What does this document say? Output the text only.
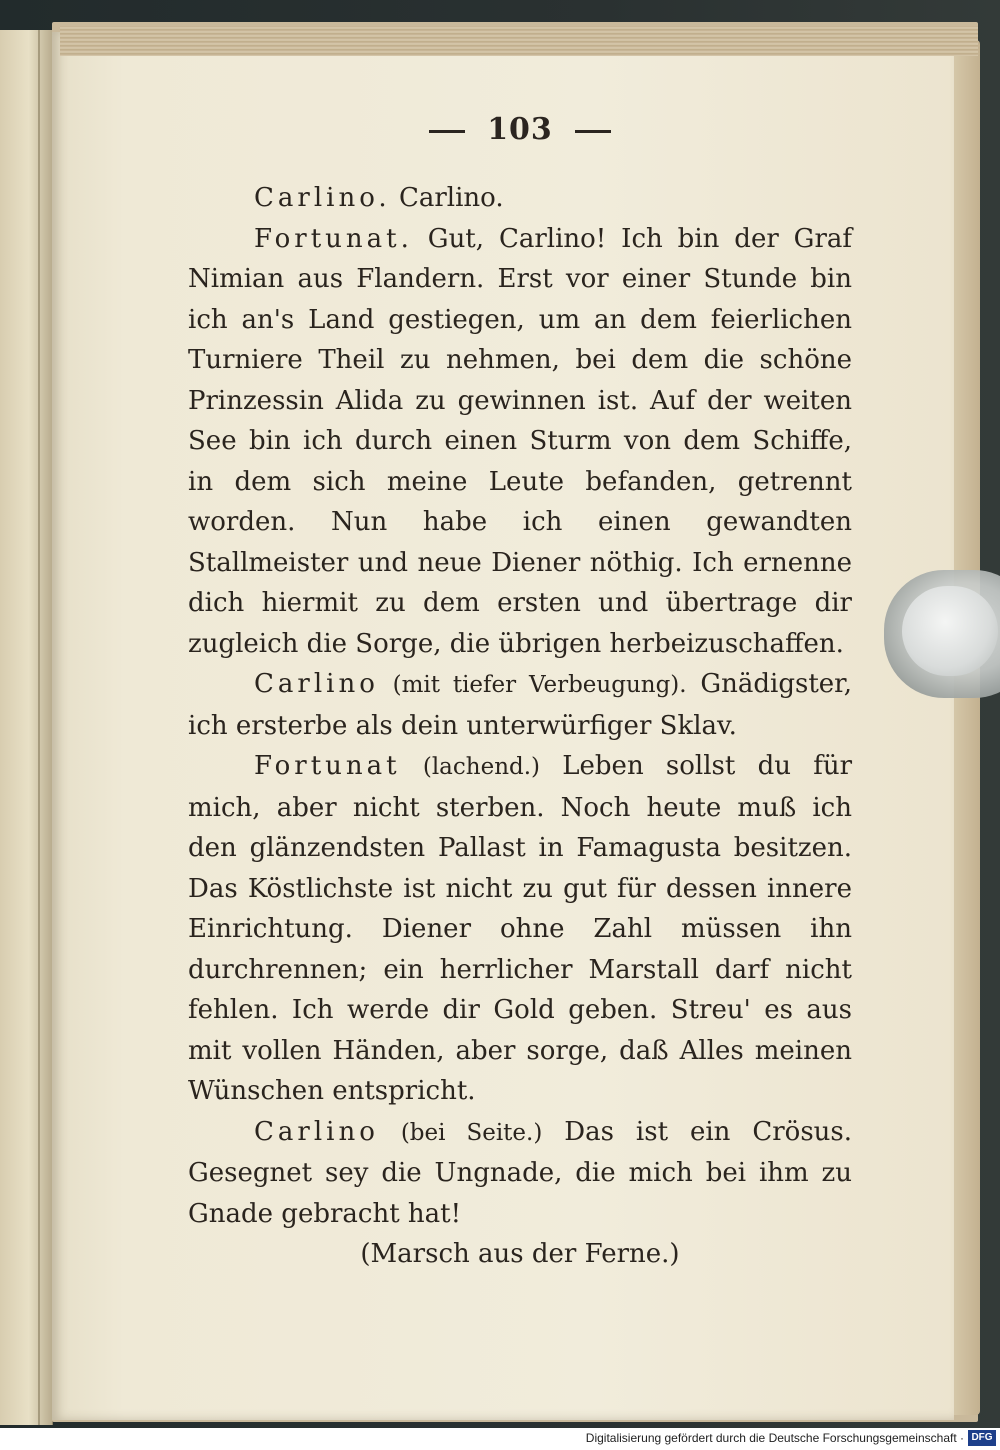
103

Carlino. Carlino.

Fortunat. Gut, Carlino! Ich bin der Graf Nimian aus Flandern. Erst vor einer Stunde bin ich an's Land gestiegen, um an dem feierlichen Turniere Theil zu nehmen, bei dem die schöne Prinzessin Alida zu gewinnen ist. Auf der weiten See bin ich durch einen Sturm von dem Schiffe, in dem sich meine Leute befanden, getrennt worden. Nun habe ich einen gewandten Stallmeister und neue Diener nöthig. Ich ernenne dich hiermit zu dem ersten und übertrage dir zugleich die Sorge, die übrigen herbeizuschaffen.

Carlino (mit tiefer Verbeugung). Gnädigster, ich ersterbe als dein unterwürfiger Sklav.

Fortunat (lachend.) Leben sollst du für mich, aber nicht sterben. Noch heute muß ich den glänzendsten Pallast in Famagusta besitzen. Das Köstlichste ist nicht zu gut für dessen innere Einrichtung. Diener ohne Zahl müssen ihn durchrennen; ein herrlicher Marstall darf nicht fehlen. Ich werde dir Gold geben. Streu' es aus mit vollen Händen, aber sorge, daß Alles meinen Wünschen entspricht.

Carlino (bei Seite.) Das ist ein Crösus. Gesegnet sey die Ungnade, die mich bei ihm zu Gnade gebracht hat!

(Marsch aus der Ferne.)

Digitalisierung gefördert durch die Deutsche Forschungsgemeinschaft · DFG
